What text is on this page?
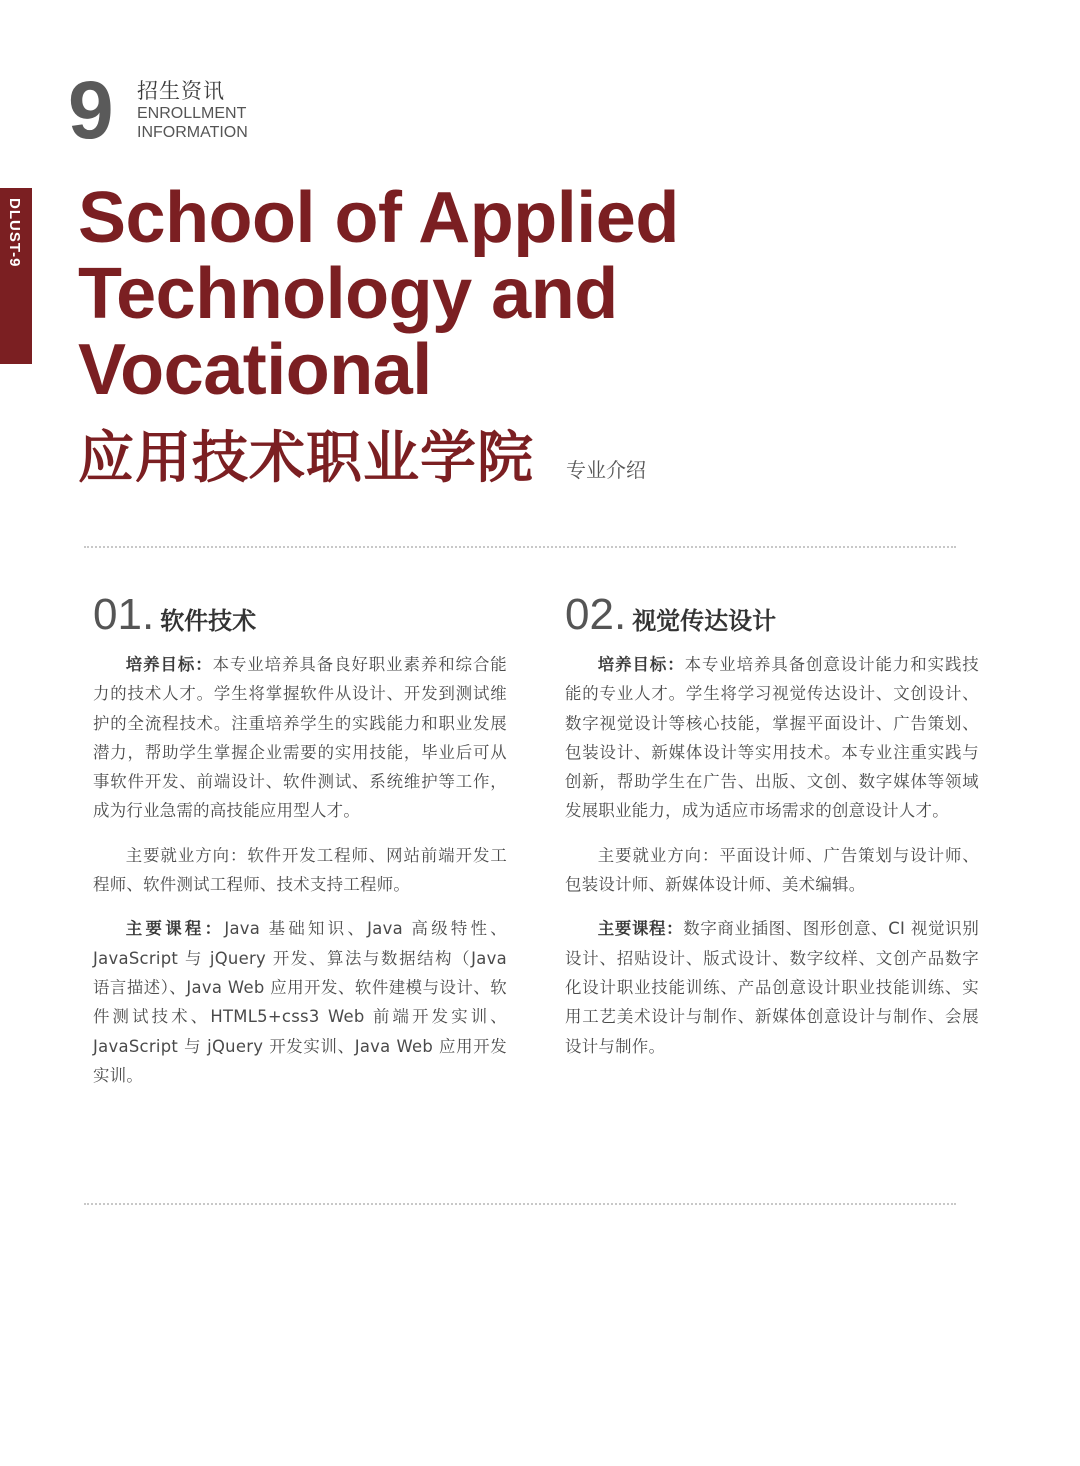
9 招生资讯
ENROLLMENT INFORMATION
DLUST-9 School of Applied Technology and Vocational
应用技术职业学院 专业介绍
01 . 软件技术

培养目标：本专业培养具备良好职业素养和综合能力的技术人才。学生将掌握软件从设计、开发到测试维护的全流程技术。注重培养学生的实践能力和职业发展潜力，帮助学生掌握企业需要的实用技能，毕业后可从事软件开发、前端设计、软件测试、系统维护等工作，成为行业急需的高技能应用型人才。

主要就业方向：软件开发工程师、网站前端开发工程师、软件测试工程师、技术支持工程师。

主要课程：Java 基础知识、Java 高级特性、JavaScript 与 jQuery 开发、算法与数据结构（Java 语言描述）、Java Web 应用开发、软件建模与设计、软件测试技术、HTML5+css3 Web 前端开发实训、JavaScript 与 jQuery 开发实训、Java Web 应用开发实训。

02 . 视觉传达设计

培养目标：本专业培养具备创意设计能力和实践技能的专业人才。学生将学习视觉传达设计、文创设计、数字视觉设计等核心技能，掌握平面设计、广告策划、包装设计、新媒体设计等实用技术。本专业注重实践与创新，帮助学生在广告、出版、文创、数字媒体等领域发展职业能力，成为适应市场需求的创意设计人才。

主要就业方向：平面设计师、广告策划与设计师、包装设计师、新媒体设计师、美术编辑。

主要课程：数字商业插图、图形创意、CI 视觉识别设计、招贴设计、版式设计、数字纹样、文创产品数字化设计职业技能训练、产品创意设计职业技能训练、实用工艺美术设计与制作、新媒体创意设计与制作、会展设计与制作。
